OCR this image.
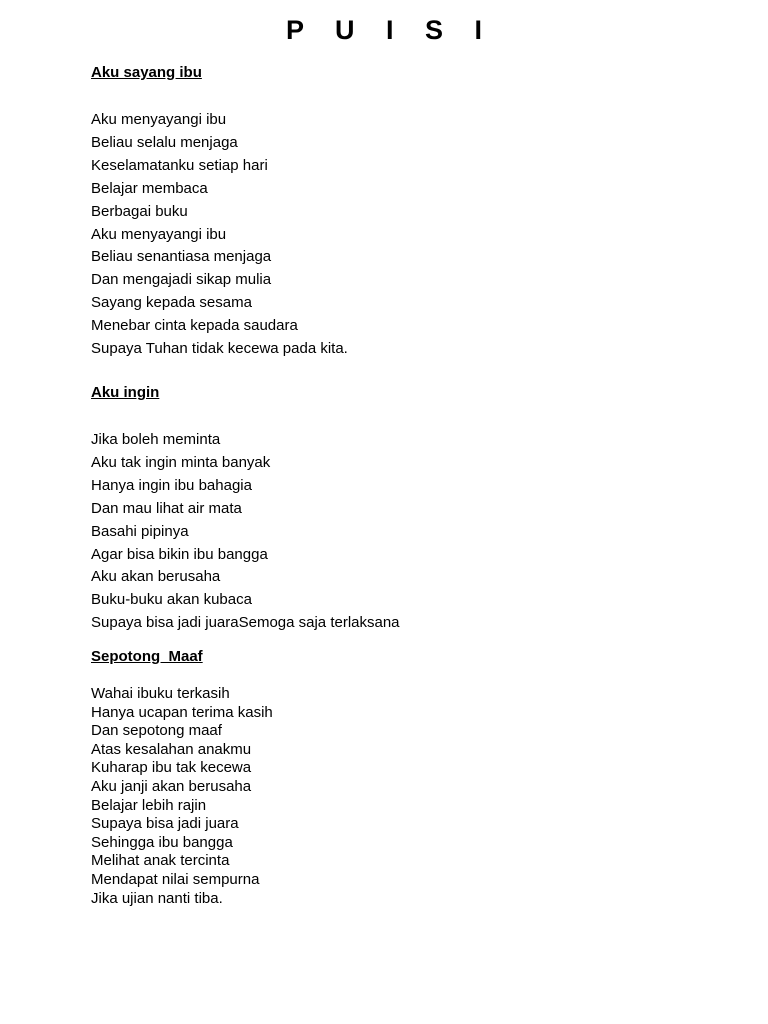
P U I S I
Aku sayang ibu
Aku menyayangi ibu
Beliau selalu menjaga
Keselamatanku setiap hari
Belajar membaca
Berbagai buku
Aku menyayangi ibu
Beliau senantiasa menjaga
Dan mengajadi sikap mulia
Sayang kepada sesama
Menebar cinta kepada saudara
Supaya Tuhan tidak kecewa pada kita.
Aku ingin
Jika boleh meminta
Aku tak ingin minta banyak
Hanya ingin ibu bahagia
Dan mau lihat air mata
Basahi pipinya
Agar bisa bikin ibu bangga
Aku akan berusaha
Buku-buku akan kubaca
Supaya bisa jadi juaraSemoga saja terlaksana
Sepotong  Maaf
Wahai ibuku terkasih
Hanya ucapan terima kasih
Dan sepotong maaf
Atas kesalahan anakmu
Kuharap ibu tak kecewa
Aku janji akan berusaha
Belajar lebih rajin
Supaya bisa jadi juara
Sehingga ibu bangga
Melihat anak tercinta
Mendapat nilai sempurna
Jika ujian nanti tiba.
